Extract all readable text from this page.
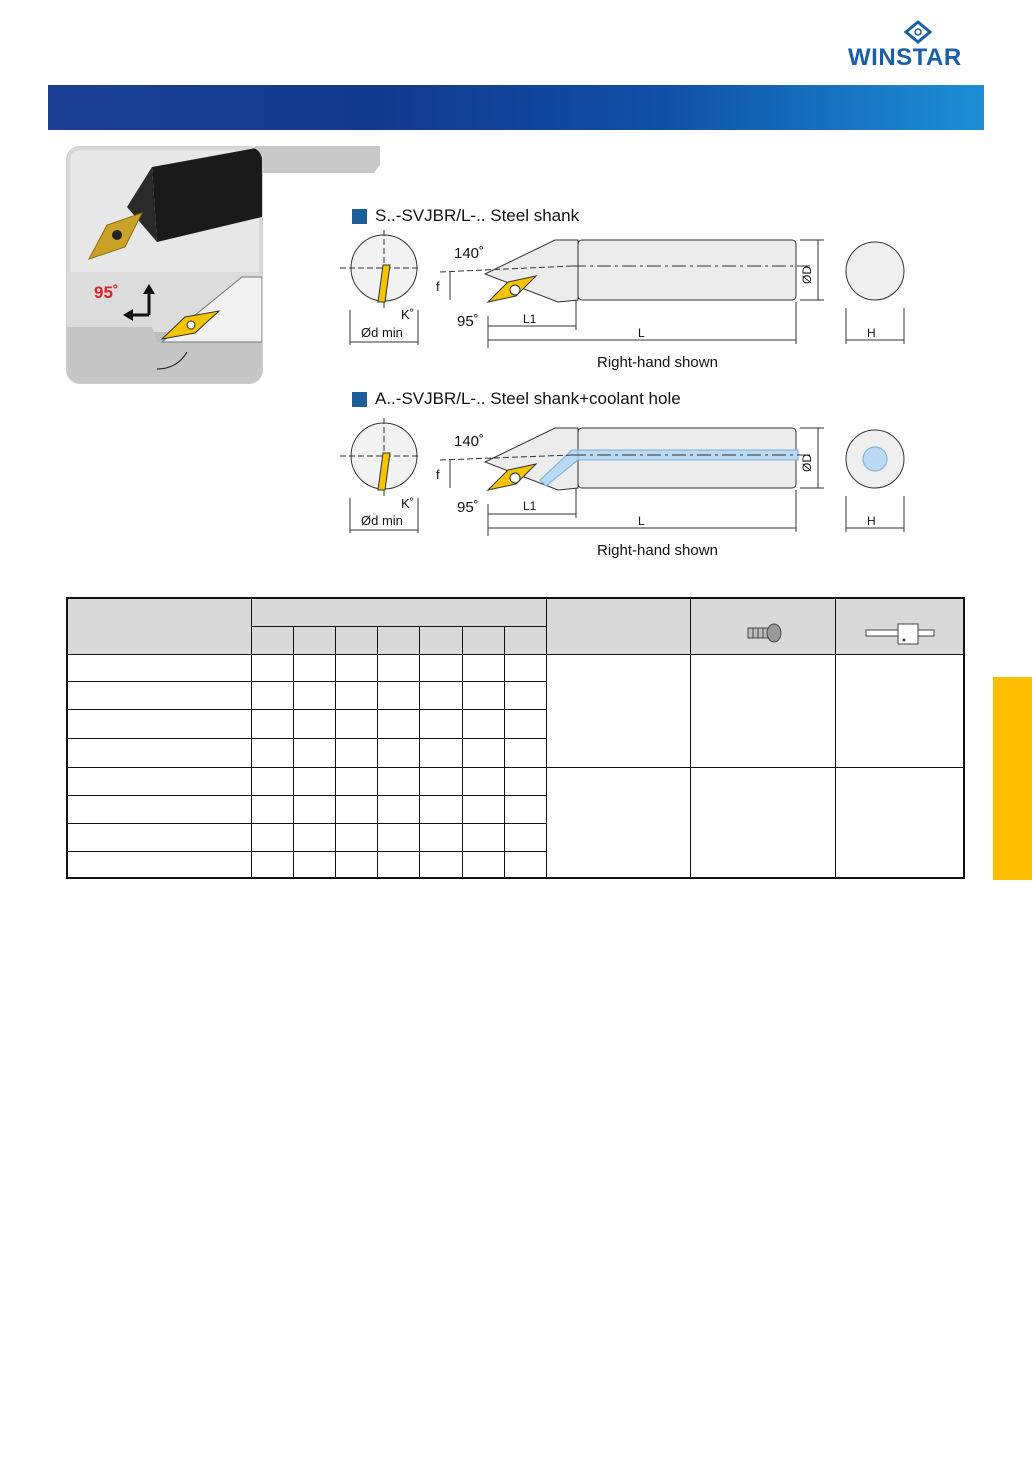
WINSTAR
95˚
S..-SVJBR/L-.. Steel shank
140˚
f
95˚
K˚
Ød min
L1
L
ØD
H
Right-hand shown
A..-SVJBR/L-.. Steel shank+coolant hole
140˚
f
95˚
K˚
Ød min
L1
L
ØD
H
Right-hand shown
